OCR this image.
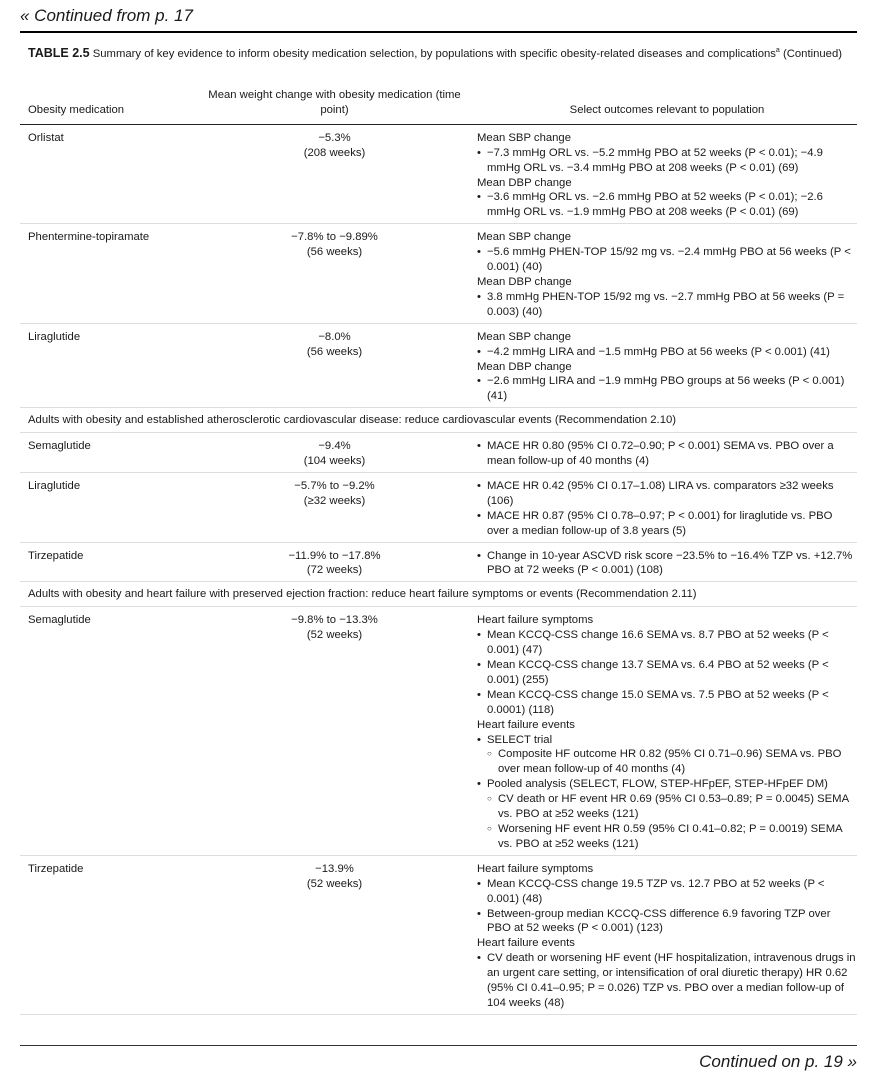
« Continued from p. 17
TABLE 2.5 Summary of key evidence to inform obesity medication selection, by populations with specific obesity-related diseases and complications$^a$ (Continued)
Obesity medication
Mean weight change with obesity medication (time point)	Select outcomes relevant to population
Orlistat	−5.3%
(208 weeks)
Mean SBP change
• −7.3 mmHg ORL vs. −5.2 mmHg PBO at 52 weeks (P < 0.01); −4.9 mmHg ORL vs. −3.4 mmHg PBO at 208 weeks (P < 0.01) (69)
Mean DBP change
• −3.6 mmHg ORL vs. −2.6 mmHg PBO at 52 weeks (P < 0.01); −2.6 mmHg ORL vs. −1.9 mmHg PBO at 208 weeks (P < 0.01) (69)
Phentermine-topiramate	−7.8% to −9.89%
(56 weeks)
Mean SBP change
• −5.6 mmHg PHEN-TOP 15/92 mg vs. −2.4 mmHg PBO at 56 weeks (P < 0.001) (40)
Mean DBP change
• 3.8 mmHg PHEN-TOP 15/92 mg vs. −2.7 mmHg PBO at 56 weeks (P = 0.003) (40)
Liraglutide	−8.0%
(56 weeks)
Mean SBP change
• −4.2 mmHg LIRA and −1.5 mmHg PBO at 56 weeks (P < 0.001) (41)
Mean DBP change
• −2.6 mmHg LIRA and −1.9 mmHg PBO groups at 56 weeks (P < 0.001) (41)
Adults with obesity and established atherosclerotic cardiovascular disease: reduce cardiovascular events (Recommendation 2.10)
Semaglutide	−9.4%
(104 weeks)
• MACE HR 0.80 (95% CI 0.72–0.90; P < 0.001) SEMA vs. PBO over a mean follow-up of 40 months (4)
Liraglutide	−5.7% to −9.2%
(≥32 weeks)
• MACE HR 0.42 (95% CI 0.17–1.08) LIRA vs. comparators ≥32 weeks (106)
• MACE HR 0.87 (95% CI 0.78–0.97; P < 0.001) for liraglutide vs. PBO over a median follow-up of 3.8 years (5)
Tirzepatide	−11.9% to −17.8%
(72 weeks)
• Change in 10-year ASCVD risk score −23.5% to −16.4% TZP vs. +12.7% PBO at 72 weeks (P < 0.001) (108)
Adults with obesity and heart failure with preserved ejection fraction: reduce heart failure symptoms or events (Recommendation 2.11)
Semaglutide	−9.8% to −13.3%
(52 weeks)
Heart failure symptoms
• Mean KCCQ-CSS change 16.6 SEMA vs. 8.7 PBO at 52 weeks (P < 0.001) (47)
• Mean KCCQ-CSS change 13.7 SEMA vs. 6.4 PBO at 52 weeks (P < 0.001) (255)
• Mean KCCQ-CSS change 15.0 SEMA vs. 7.5 PBO at 52 weeks (P < 0.0001) (118)
Heart failure events
• SELECT trial
○ Composite HF outcome HR 0.82 (95% CI 0.71–0.96) SEMA vs. PBO over mean follow-up of 40 months (4)
• Pooled analysis (SELECT, FLOW, STEP-HFpEF, STEP-HFpEF DM)
○ CV death or HF event HR 0.69 (95% CI 0.53–0.89; P = 0.0045) SEMA vs. PBO at ≥52 weeks (121)
○ Worsening HF event HR 0.59 (95% CI 0.41–0.82; P = 0.0019) SEMA vs. PBO at ≥52 weeks (121)
Tirzepatide	−13.9%
(52 weeks)
Heart failure symptoms
• Mean KCCQ-CSS change 19.5 TZP vs. 12.7 PBO at 52 weeks (P < 0.001) (48)
• Between-group median KCCQ-CSS difference 6.9 favoring TZP over PBO at 52 weeks (P < 0.001) (123)
Heart failure events
• CV death or worsening HF event (HF hospitalization, intravenous drugs in an urgent care setting, or intensification of oral diuretic therapy) HR 0.62 (95% CI 0.41–0.95; P = 0.026) TZP vs. PBO over a median follow-up of 104 weeks (48)
Continued on p. 19 »
